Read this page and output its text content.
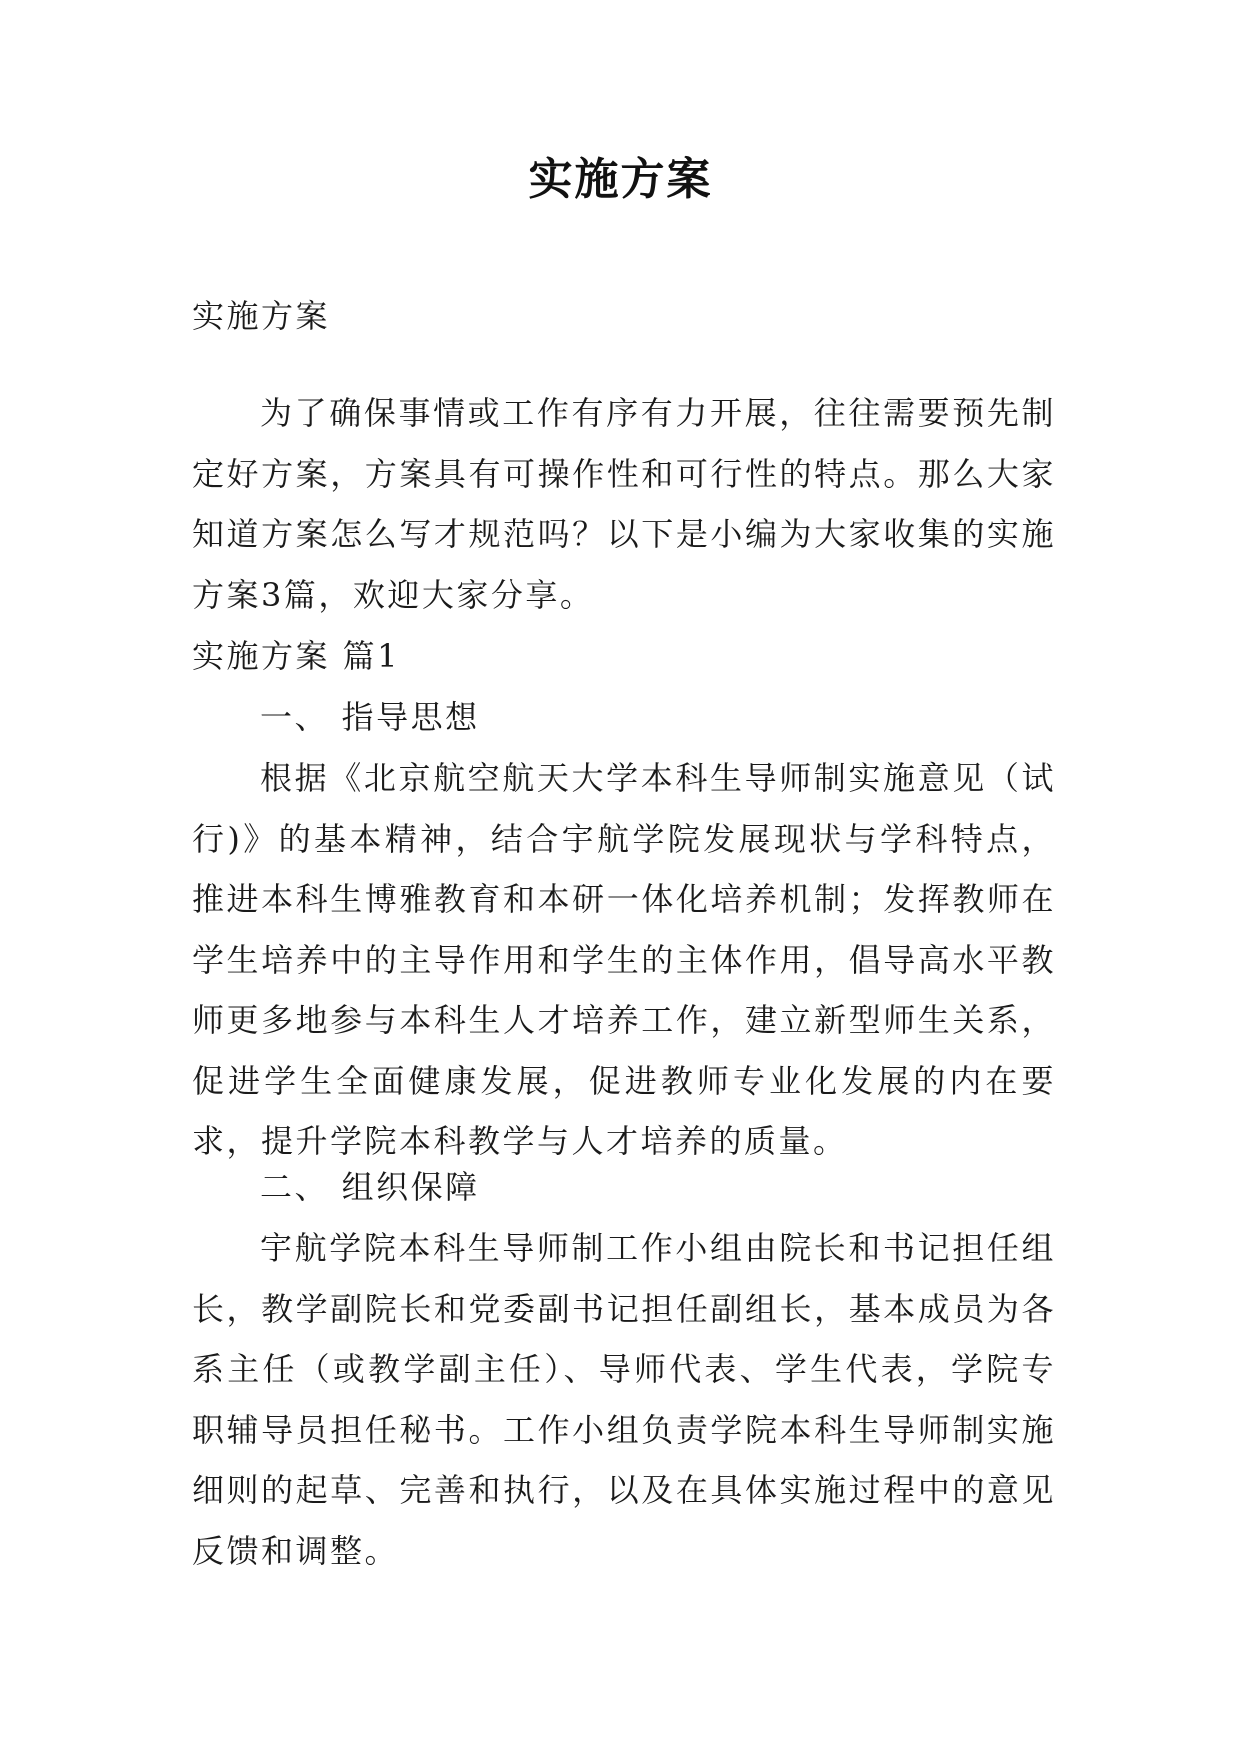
实施方案

实施方案

为了确保事情或工作有序有力开展，往往需要预先制定好方案，方案具有可操作性和可行性的特点。那么大家知道方案怎么写才规范吗？以下是小编为大家收集的实施方案3篇，欢迎大家分享。

实施方案 篇1

一、 指导思想

根据《北京航空航天大学本科生导师制实施意见（试行)》的基本精神，结合宇航学院发展现状与学科特点，推进本科生博雅教育和本研一体化培养机制；发挥教师在学生培养中的主导作用和学生的主体作用，倡导高水平教师更多地参与本科生人才培养工作，建立新型师生关系，促进学生全面健康发展，促进教师专业化发展的内在要求，提升学院本科教学与人才培养的质量。

二、 组织保障

宇航学院本科生导师制工作小组由院长和书记担任组长，教学副院长和党委副书记担任副组长，基本成员为各系主任（或教学副主任）、导师代表、学生代表，学院专职辅导员担任秘书。工作小组负责学院本科生导师制实施细则的起草、完善和执行，以及在具体实施过程中的意见反馈和调整。
